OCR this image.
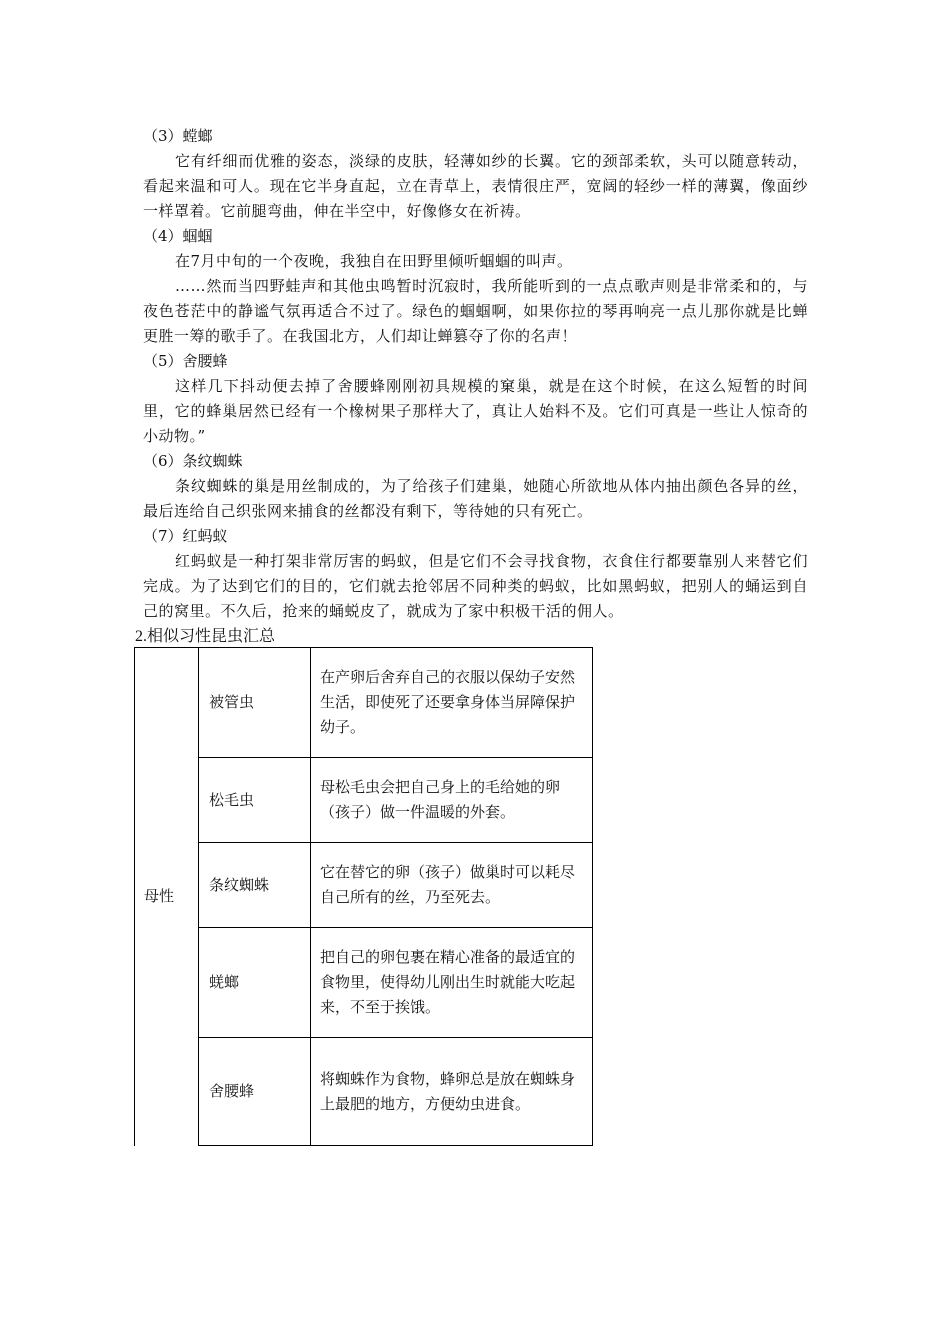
（3）螳螂

它有纤细而优雅的姿态，淡绿的皮肤，轻薄如纱的长翼。它的颈部柔软，头可以随意转动，看起来温和可人。现在它半身直起，立在青草上，表情很庄严，宽阔的轻纱一样的薄翼，像面纱一样罩着。它前腿弯曲，伸在半空中，好像修女在祈祷。

（4）蝈蝈

在7月中旬的一个夜晚，我独自在田野里倾听蝈蝈的叫声。

……然而当四野蛙声和其他虫鸣暂时沉寂时，我所能听到的一点点歌声则是非常柔和的，与夜色苍茫中的静谧气氛再适合不过了。绿色的蝈蝈啊，如果你拉的琴再响亮一点儿那你就是比蝉更胜一筹的歌手了。在我国北方，人们却让蝉篡夺了你的名声！

（5）舍腰蜂

这样几下抖动便去掉了舍腰蜂刚刚初具规模的窠巢，就是在这个时候，在这么短暂的时间里，它的蜂巢居然已经有一个橡树果子那样大了，真让人始料不及。它们可真是一些让人惊奇的小动物。”

（6）条纹蜘蛛

条纹蜘蛛的巢是用丝制成的，为了给孩子们建巢，她随心所欲地从体内抽出颜色各异的丝，最后连给自己织张网来捕食的丝都没有剩下，等待她的只有死亡。

（7）红蚂蚁

红蚂蚁是一种打架非常厉害的蚂蚁，但是它们不会寻找食物，衣食住行都要靠别人来替它们完成。为了达到它们的目的，它们就去抢邻居不同种类的蚂蚁，比如黑蚂蚁，把别人的蛹运到自己的窝里。不久后，抢来的蛹蜕皮了，就成为了家中积极干活的佣人。

2.相似习性昆虫汇总

母性	被管虫	在产卵后舍弃自己的衣服以保幼子安然生活，即使死了还要拿身体当屏障保护幼子。
	松毛虫	母松毛虫会把自己身上的毛给她的卵（孩子）做一件温暖的外套。
	条纹蜘蛛	它在替它的卵（孩子）做巢时可以耗尽自己所有的丝，乃至死去。
	蜣螂	把自己的卵包裹在精心准备的最适宜的食物里，使得幼儿刚出生时就能大吃起来，不至于挨饿。
	舍腰蜂	将蜘蛛作为食物，蜂卵总是放在蜘蛛身上最肥的地方，方便幼虫进食。
